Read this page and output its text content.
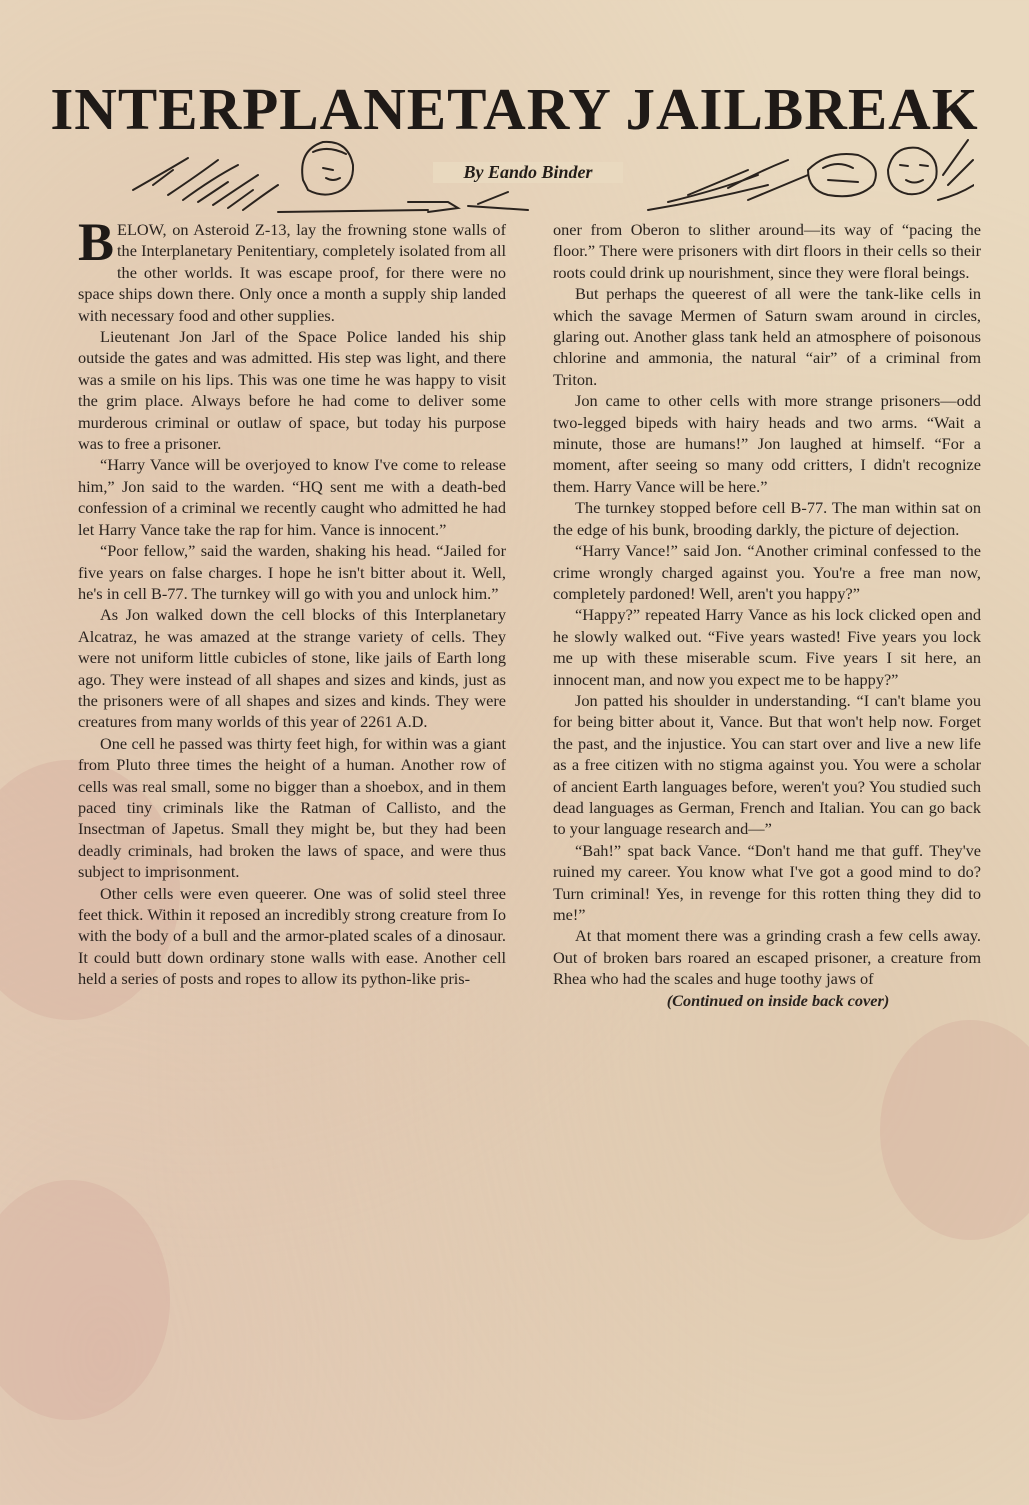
INTERPLANETARY JAILBREAK
By Eando Binder

BELOW, on Asteroid Z-13, lay the frowning stone walls of the Interplanetary Penitentiary, completely isolated from all the other worlds. It was escape proof, for there were no space ships down there. Only once a month a supply ship landed with necessary food and other supplies.

Lieutenant Jon Jarl of the Space Police landed his ship outside the gates and was admitted. His step was light, and there was a smile on his lips. This was one time he was happy to visit the grim place. Always before he had come to deliver some murderous criminal or outlaw of space, but today his purpose was to free a prisoner.

“Harry Vance will be overjoyed to know I've come to release him,” Jon said to the warden. “HQ sent me with a death-bed confession of a criminal we recently caught who admitted he had let Harry Vance take the rap for him. Vance is innocent.”

“Poor fellow,” said the warden, shaking his head. “Jailed for five years on false charges. I hope he isn't bitter about it. Well, he's in cell B-77. The turnkey will go with you and unlock him.”

As Jon walked down the cell blocks of this Interplanetary Alcatraz, he was amazed at the strange variety of cells. They were not uniform little cubicles of stone, like jails of Earth long ago. They were instead of all shapes and sizes and kinds, just as the prisoners were of all shapes and sizes and kinds. They were creatures from many worlds of this year of 2261 A.D.

One cell he passed was thirty feet high, for within was a giant from Pluto three times the height of a human. Another row of cells was real small, some no bigger than a shoebox, and in them paced tiny criminals like the Ratman of Callisto, and the Insectman of Japetus. Small they might be, but they had been deadly criminals, had broken the laws of space, and were thus subject to imprisonment.

Other cells were even queerer. One was of solid steel three feet thick. Within it reposed an incredibly strong creature from Io with the body of a bull and the armor-plated scales of a dinosaur. It could butt down ordinary stone walls with ease. Another cell held a series of posts and ropes to allow its python-like pris-

oner from Oberon to slither around—its way of “pacing the floor.” There were prisoners with dirt floors in their cells so their roots could drink up nourishment, since they were floral beings.

But perhaps the queerest of all were the tank-like cells in which the savage Mermen of Saturn swam around in circles, glaring out. Another glass tank held an atmosphere of poisonous chlorine and ammonia, the natural “air” of a criminal from Triton.

Jon came to other cells with more strange prisoners—odd two-legged bipeds with hairy heads and two arms. “Wait a minute, those are humans!” Jon laughed at himself. “For a moment, after seeing so many odd critters, I didn't recognize them. Harry Vance will be here.”

The turnkey stopped before cell B-77. The man within sat on the edge of his bunk, brooding darkly, the picture of dejection.

“Harry Vance!” said Jon. “Another criminal confessed to the crime wrongly charged against you. You're a free man now, completely pardoned! Well, aren't you happy?”

“Happy?” repeated Harry Vance as his lock clicked open and he slowly walked out. “Five years wasted! Five years you lock me up with these miserable scum. Five years I sit here, an innocent man, and now you expect me to be happy?”

Jon patted his shoulder in understanding. “I can't blame you for being bitter about it, Vance. But that won't help now. Forget the past, and the injustice. You can start over and live a new life as a free citizen with no stigma against you. You were a scholar of ancient Earth languages before, weren't you? You studied such dead languages as German, French and Italian. You can go back to your language research and—”

“Bah!” spat back Vance. “Don't hand me that guff. They've ruined my career. You know what I've got a good mind to do? Turn criminal! Yes, in revenge for this rotten thing they did to me!”

At that moment there was a grinding crash a few cells away. Out of broken bars roared an escaped prisoner, a creature from Rhea who had the scales and huge toothy jaws of

(Continued on inside back cover)
